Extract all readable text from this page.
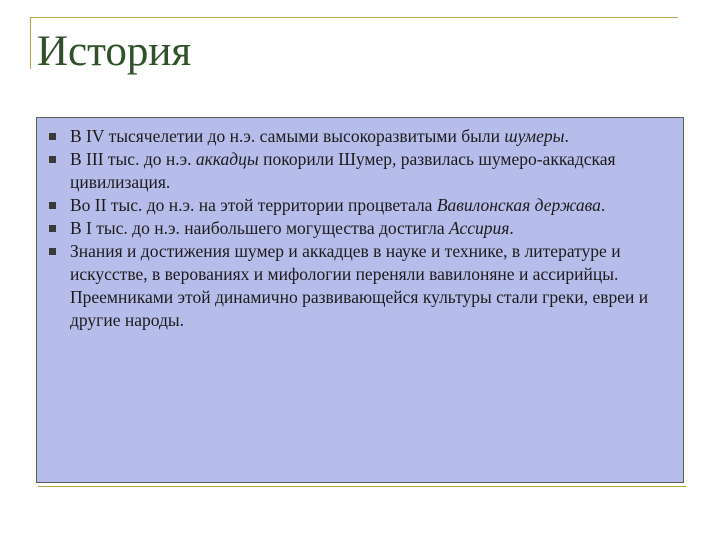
История
В IV тысячелетии до н.э. самыми высокоразвитыми были шумеры.
В III тыс. до н.э. аккадцы покорили Шумер, развилась шумеро-аккадская цивилизация.
Во II тыс. до н.э. на этой территории процветала Вавилонская держава.
В I тыс. до н.э. наибольшего могущества достигла Ассирия.
Знания и достижения шумер и аккадцев в науке и технике, в литературе и искусстве, в верованиях и мифологии переняли вавилоняне и ассирийцы. Преемниками этой динамично развивающейся культуры стали греки, евреи и другие народы.
